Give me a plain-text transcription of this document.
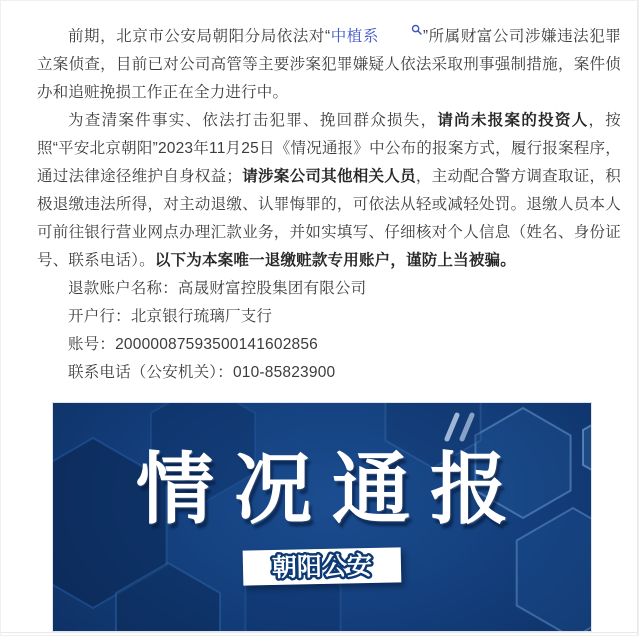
前期，北京市公安局朝阳分局依法对“中植系	”所属财富公司涉嫌违法犯罪立案侦查，目前已对公司高管等主要涉案犯罪嫌疑人依法采取刑事强制措施，案件侦办和追赃挽损工作正在全力进行中。

为查清案件事实、依法打击犯罪、挽回群众损失，请尚未报案的投资人，按照“平安北京朝阳”2023年11月25日《情况通报》中公布的报案方式，履行报案程序，通过法律途径维护自身权益；请涉案公司其他相关人员，主动配合警方调查取证，积极退缴违法所得，对主动退缴、认罪悔罪的，可依法从轻或减轻处罚。退缴人员本人可前往银行营业网点办理汇款业务，并如实填写、仔细核对个人信息（姓名、身份证号、联系电话）。以下为本案唯一退缴赃款专用账户，谨防上当被骗。

退款账户名称：高晟财富控股集团有限公司

开户行：北京银行琉璃厂支行

账号：20000087593500141602856

联系电话（公安机关）：010-85823900

情况通报
朝阳公安
